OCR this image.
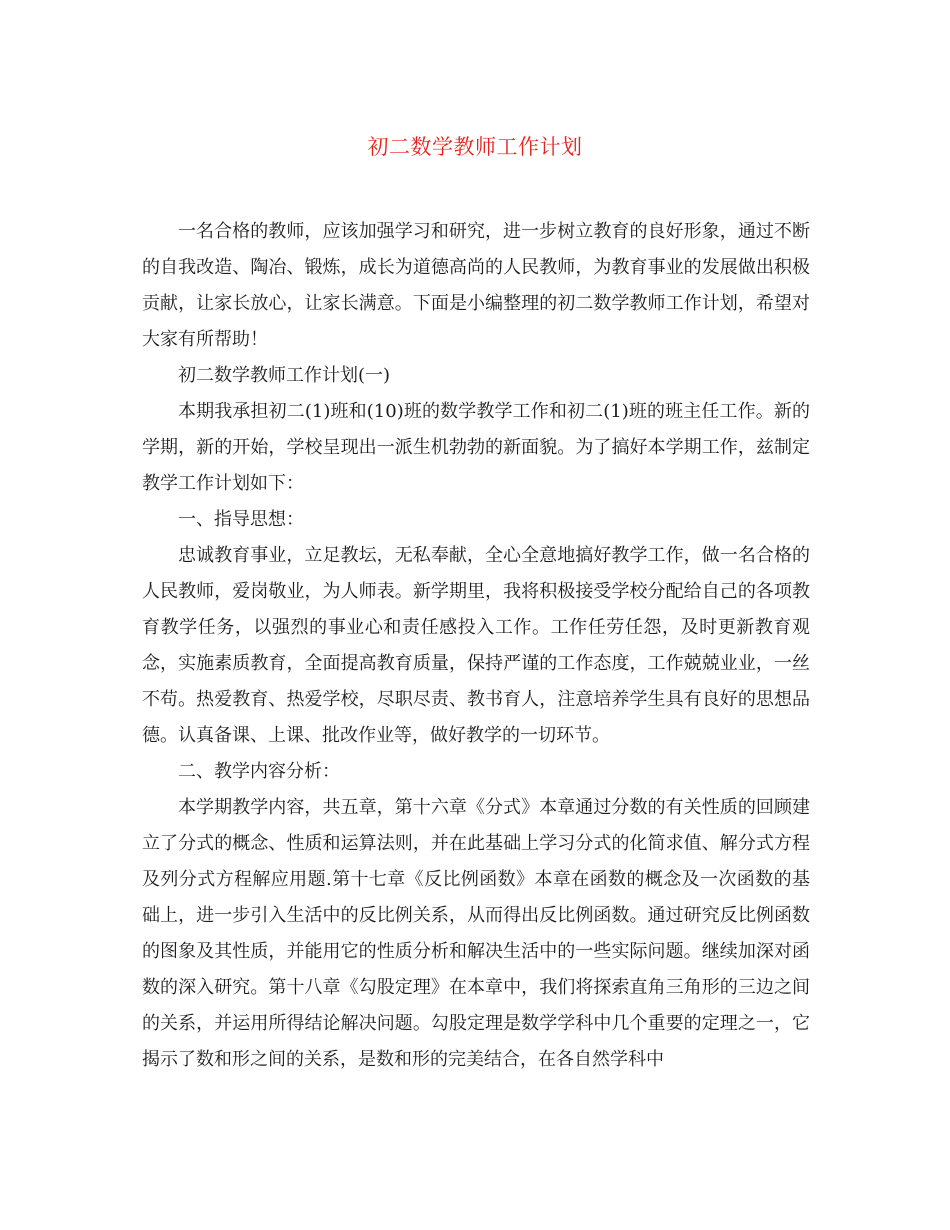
初二数学教师工作计划

一名合格的教师，应该加强学习和研究，进一步树立教育的良好形象，通过不断的自我改造、陶冶、锻炼，成长为道德高尚的人民教师，为教育事业的发展做出积极贡献，让家长放心，让家长满意。下面是小编整理的初二数学教师工作计划，希望对大家有所帮助！

初二数学教师工作计划(一)

本期我承担初二(1)班和(10)班的数学教学工作和初二(1)班的班主任工作。新的学期，新的开始，学校呈现出一派生机勃勃的新面貌。为了搞好本学期工作，兹制定教学工作计划如下：

一、指导思想：

忠诚教育事业，立足教坛，无私奉献，全心全意地搞好教学工作，做一名合格的人民教师，爱岗敬业，为人师表。新学期里，我将积极接受学校分配给自己的各项教育教学任务，以强烈的事业心和责任感投入工作。工作任劳任怨，及时更新教育观念，实施素质教育，全面提高教育质量，保持严谨的工作态度，工作兢兢业业，一丝不苟。热爱教育、热爱学校，尽职尽责、教书育人，注意培养学生具有良好的思想品德。认真备课、上课、批改作业等，做好教学的一切环节。

二、教学内容分析：

本学期教学内容，共五章，第十六章《分式》本章通过分数的有关性质的回顾建立了分式的概念、性质和运算法则，并在此基础上学习分式的化简求值、解分式方程及列分式方程解应用题.第十七章《反比例函数》本章在函数的概念及一次函数的基础上，进一步引入生活中的反比例关系，从而得出反比例函数。通过研究反比例函数的图象及其性质，并能用它的性质分析和解决生活中的一些实际问题。继续加深对函数的深入研究。第十八章《勾股定理》在本章中，我们将探索直角三角形的三边之间的关系，并运用所得结论解决问题。勾股定理是数学学科中几个重要的定理之一，它揭示了数和形之间的关系，是数和形的完美结合，在各自然学科中
